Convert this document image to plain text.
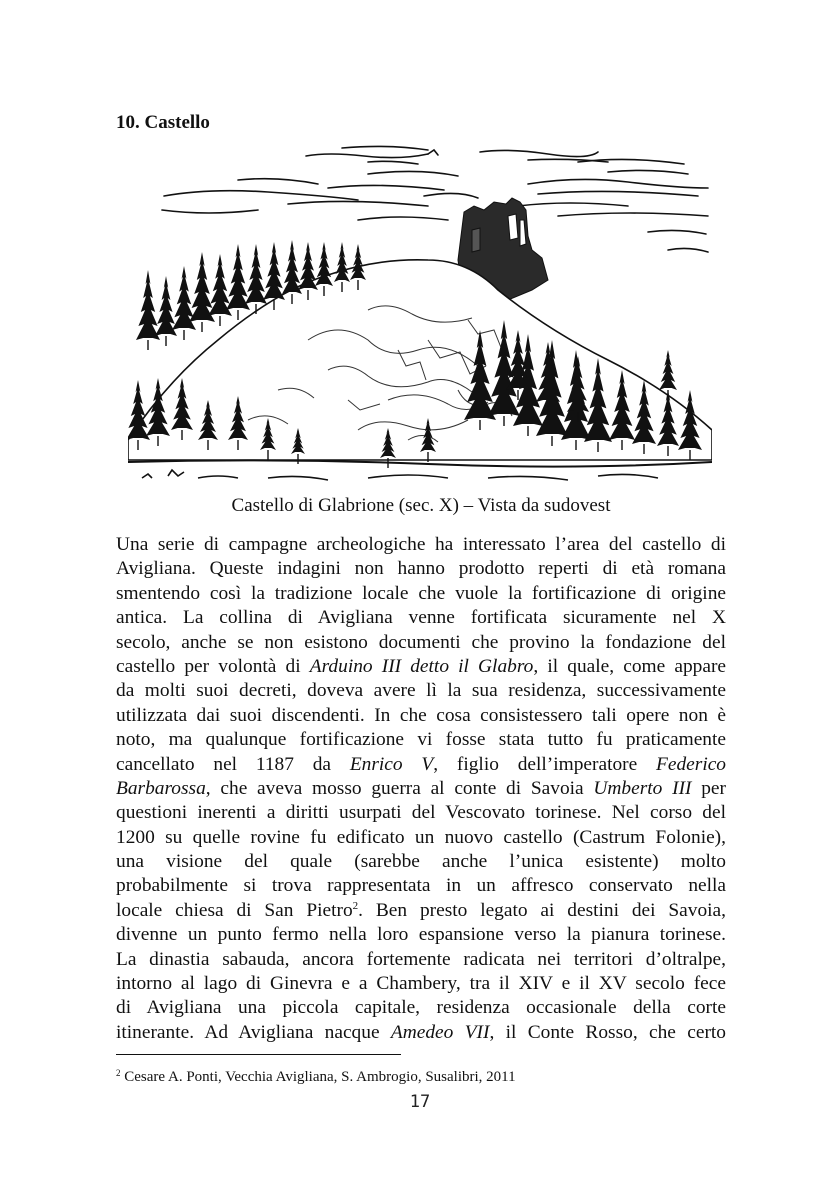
10. Castello
Castello di Glabrione (sec. X) – Vista da sudovest
Una serie di campagne archeologiche ha interessato l’area del castello di
Avigliana. Queste indagini non hanno prodotto reperti di età romana
smentendo così la tradizione locale che vuole la fortificazione di origine
antica. La collina di Avigliana venne fortificata sicuramente nel X
secolo, anche se non esistono documenti che provino la fondazione del
castello per volontà di Arduino III detto il Glabro, il quale, come appare
da molti suoi decreti, doveva avere lì la sua residenza, successivamente
utilizzata dai suoi discendenti. In che cosa consistessero tali opere non è
noto, ma qualunque fortificazione vi fosse stata tutto fu praticamente
cancellato nel 1187 da Enrico V, figlio dell’imperatore Federico
Barbarossa, che aveva mosso guerra al conte di Savoia Umberto III per
questioni inerenti a diritti usurpati del Vescovato torinese. Nel corso del
1200 su quelle rovine fu edificato un nuovo castello (Castrum Folonie),
una visione del quale (sarebbe anche l’unica esistente) molto
probabilmente si trova rappresentata in un affresco conservato nella
locale chiesa di San Pietro$^2$. Ben presto legato ai destini dei Savoia,
divenne un punto fermo nella loro espansione verso la pianura torinese.
La dinastia sabauda, ancora fortemente radicata nei territori d’oltralpe,
intorno al lago di Ginevra e a Chambery, tra il XIV e il XV secolo fece
di Avigliana una piccola capitale, residenza occasionale della corte
itinerante. Ad Avigliana nacque Amedeo VII, il Conte Rosso, che certo
$^2$ Cesare A. Ponti, Vecchia Avigliana, S. Ambrogio, Susalibri, 2011
17
